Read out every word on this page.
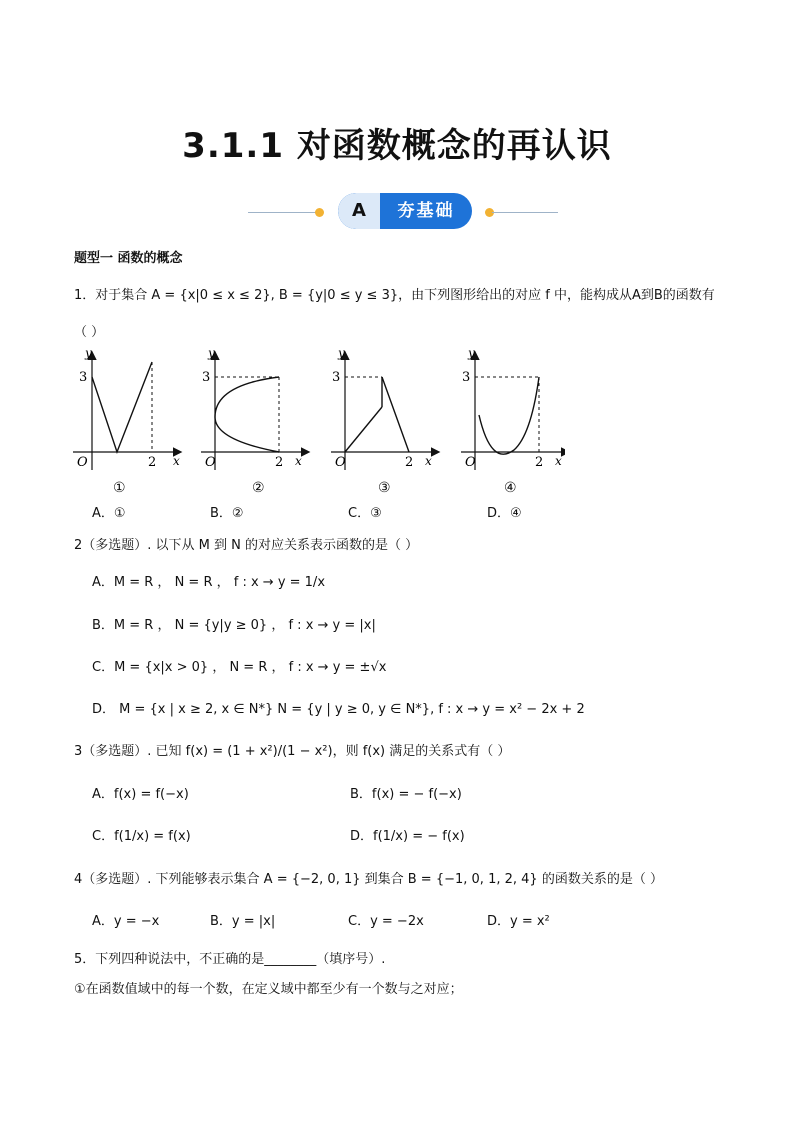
3.1.1 对函数概念的再认识
A	夯基础
题型一 函数的概念
1．对于集合 A = {x|0 ≤ x ≤ 2}, B = {y|0 ≤ y ≤ 3}，由下列图形给出的对应 f 中，能构成从A到B的函数有
（ ）
y
x
O
3
2
y
x
O
3
2
y
x
O
3
2
y
x
O
3
2
①	②	③	④
A．①	B．②	C．③	D．④
2（多选题）. 以下从 M 到 N 的对应关系表示函数的是（ ）
A．M = R ， N = R ， f : x → y = 1/x
B．M = R ， N = {y|y ≥ 0} ， f : x → y = |x|
C．M = {x|x > 0} ， N = R ， f : x → y = ±√x
D． M = {x | x ≥ 2, x ∈ N*} N = {y | y ≥ 0, y ∈ N*}, f : x → y = x² − 2x + 2
3（多选题）. 已知 f(x) = (1 + x²)/(1 − x²)，则 f(x) 满足的关系式有（ ）
A．f(x) = f(−x)	B．f(x) = − f(−x)
C．f(1/x) = f(x)	D．f(1/x) = − f(x)
4（多选题）. 下列能够表示集合 A = {−2, 0, 1} 到集合 B = {−1, 0, 1, 2, 4} 的函数关系的是（ ）
A．y = −x	B．y = |x|	C．y = −2x	D．y = x²
5．下列四种说法中，不正确的是________（填序号）.
①在函数值域中的每一个数，在定义域中都至少有一个数与之对应；
